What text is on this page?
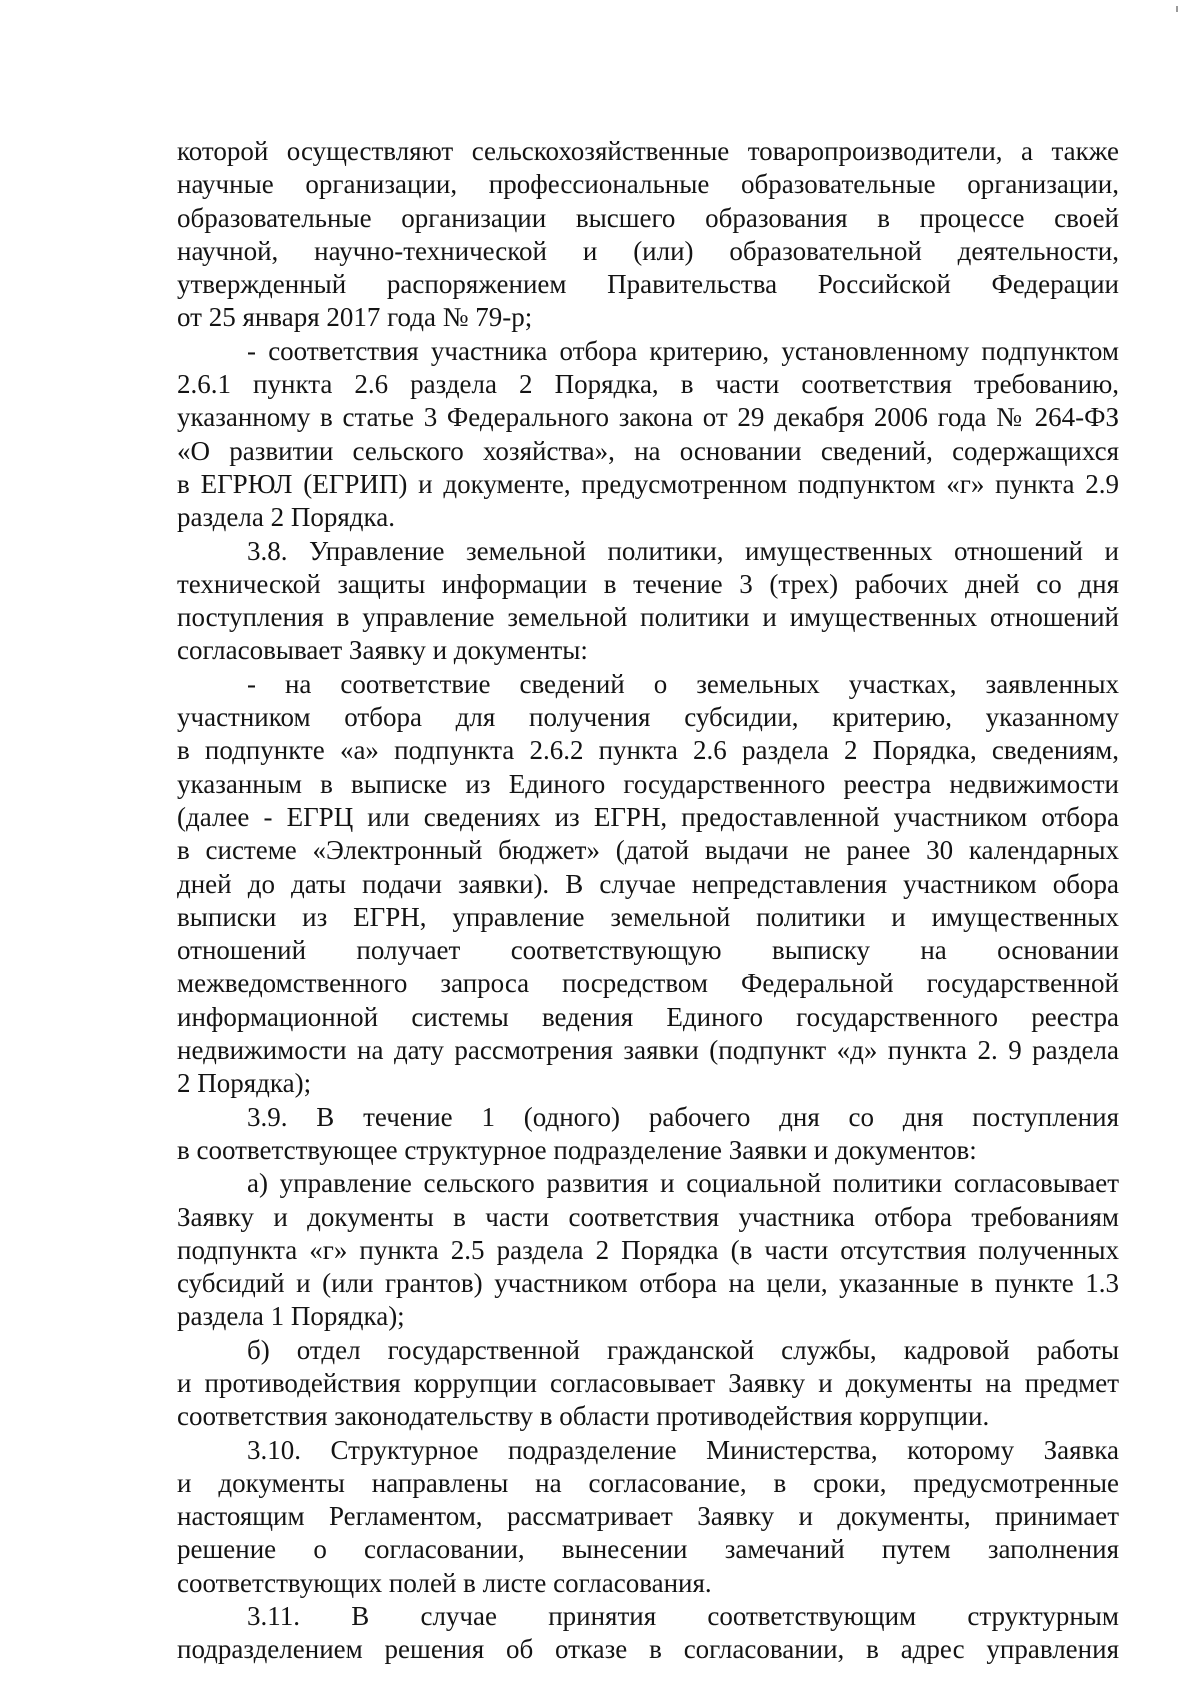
которой осуществляют сельскохозяйственные товаропроизводители, а также
научные организации, профессиональные образовательные организации,
образовательные организации высшего образования в процессе своей
научной, научно-технической и (или) образовательной деятельности,
утвержденный распоряжением Правительства Российской Федерации
от 25 января 2017 года № 79-р;
- соответствия участника отбора критерию, установленному подпунктом
2.6.1 пункта 2.6 раздела 2 Порядка, в части соответствия требованию,
указанному в статье 3 Федерального закона от 29 декабря 2006 года № 264-ФЗ
«О развитии сельского хозяйства», на основании сведений, содержащихся
в ЕГРЮЛ (ЕГРИП) и документе, предусмотренном подпунктом «г» пункта 2.9
раздела 2 Порядка.
3.8. Управление земельной политики, имущественных отношений и
технической защиты информации в течение 3 (трех) рабочих дней со дня
поступления в управление земельной политики и имущественных отношений
согласовывает Заявку и документы:
- на соответствие сведений о земельных участках, заявленных
участником отбора для получения субсидии, критерию, указанному
в подпункте «а» подпункта 2.6.2 пункта 2.6 раздела 2 Порядка, сведениям,
указанным в выписке из Единого государственного реестра недвижимости
(далее - ЕГРЦ или сведениях из ЕГРН, предоставленной участником отбора
в системе «Электронный бюджет» (датой выдачи не ранее 30 календарных
дней до даты подачи заявки). В случае непредставления участником обора
выписки из ЕГРН, управление земельной политики и имущественных
отношений получает соответствующую выписку на основании
межведомственного запроса посредством Федеральной государственной
информационной системы ведения Единого государственного реестра
недвижимости на дату рассмотрения заявки (подпункт «д» пункта 2. 9 раздела
2 Порядка);
3.9. В течение 1 (одного) рабочего дня со дня поступления
в соответствующее структурное подразделение Заявки и документов:
а) управление сельского развития и социальной политики согласовывает
Заявку и документы в части соответствия участника отбора требованиям
подпункта «г» пункта 2.5 раздела 2 Порядка (в части отсутствия полученных
субсидий и (или грантов) участником отбора на цели, указанные в пункте 1.3
раздела 1 Порядка);
б) отдел государственной гражданской службы, кадровой работы
и противодействия коррупции согласовывает Заявку и документы на предмет
соответствия законодательству в области противодействия коррупции.
3.10. Структурное подразделение Министерства, которому Заявка
и документы направлены на согласование, в сроки, предусмотренные
настоящим Регламентом, рассматривает Заявку и документы, принимает
решение о согласовании, вынесении замечаний путем заполнения
соответствующих полей в листе согласования.
3.11. В случае принятия соответствующим структурным
подразделением решения об отказе в согласовании, в адрес управления
